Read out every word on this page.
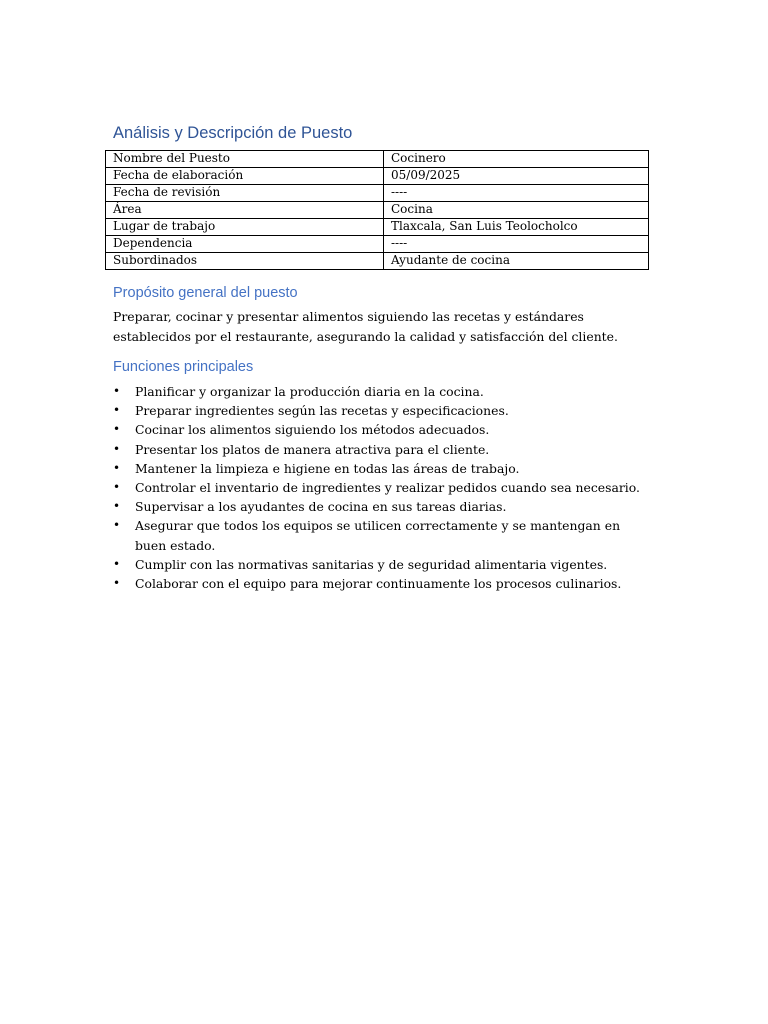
Análisis y Descripción de Puesto
Nombre del Puesto	Cocinero
Fecha de elaboración	05/09/2025
Fecha de revisión	----
Área	Cocina
Lugar de trabajo	Tlaxcala, San Luis Teolocholco
Dependencia	----
Subordinados	Ayudante de cocina
Propósito general del puesto

Preparar, cocinar y presentar alimentos siguiendo las recetas y estándares establecidos por el restaurante, asegurando la calidad y satisfacción del cliente.

Funciones principales
• Planificar y organizar la producción diaria en la cocina.
• Preparar ingredientes según las recetas y especificaciones.
• Cocinar los alimentos siguiendo los métodos adecuados.
• Presentar los platos de manera atractiva para el cliente.
• Mantener la limpieza e higiene en todas las áreas de trabajo.
• Controlar el inventario de ingredientes y realizar pedidos cuando sea necesario.
• Supervisar a los ayudantes de cocina en sus tareas diarias.
• Asegurar que todos los equipos se utilicen correctamente y se mantengan en buen estado.
• Cumplir con las normativas sanitarias y de seguridad alimentaria vigentes.
• Colaborar con el equipo para mejorar continuamente los procesos culinarios.
